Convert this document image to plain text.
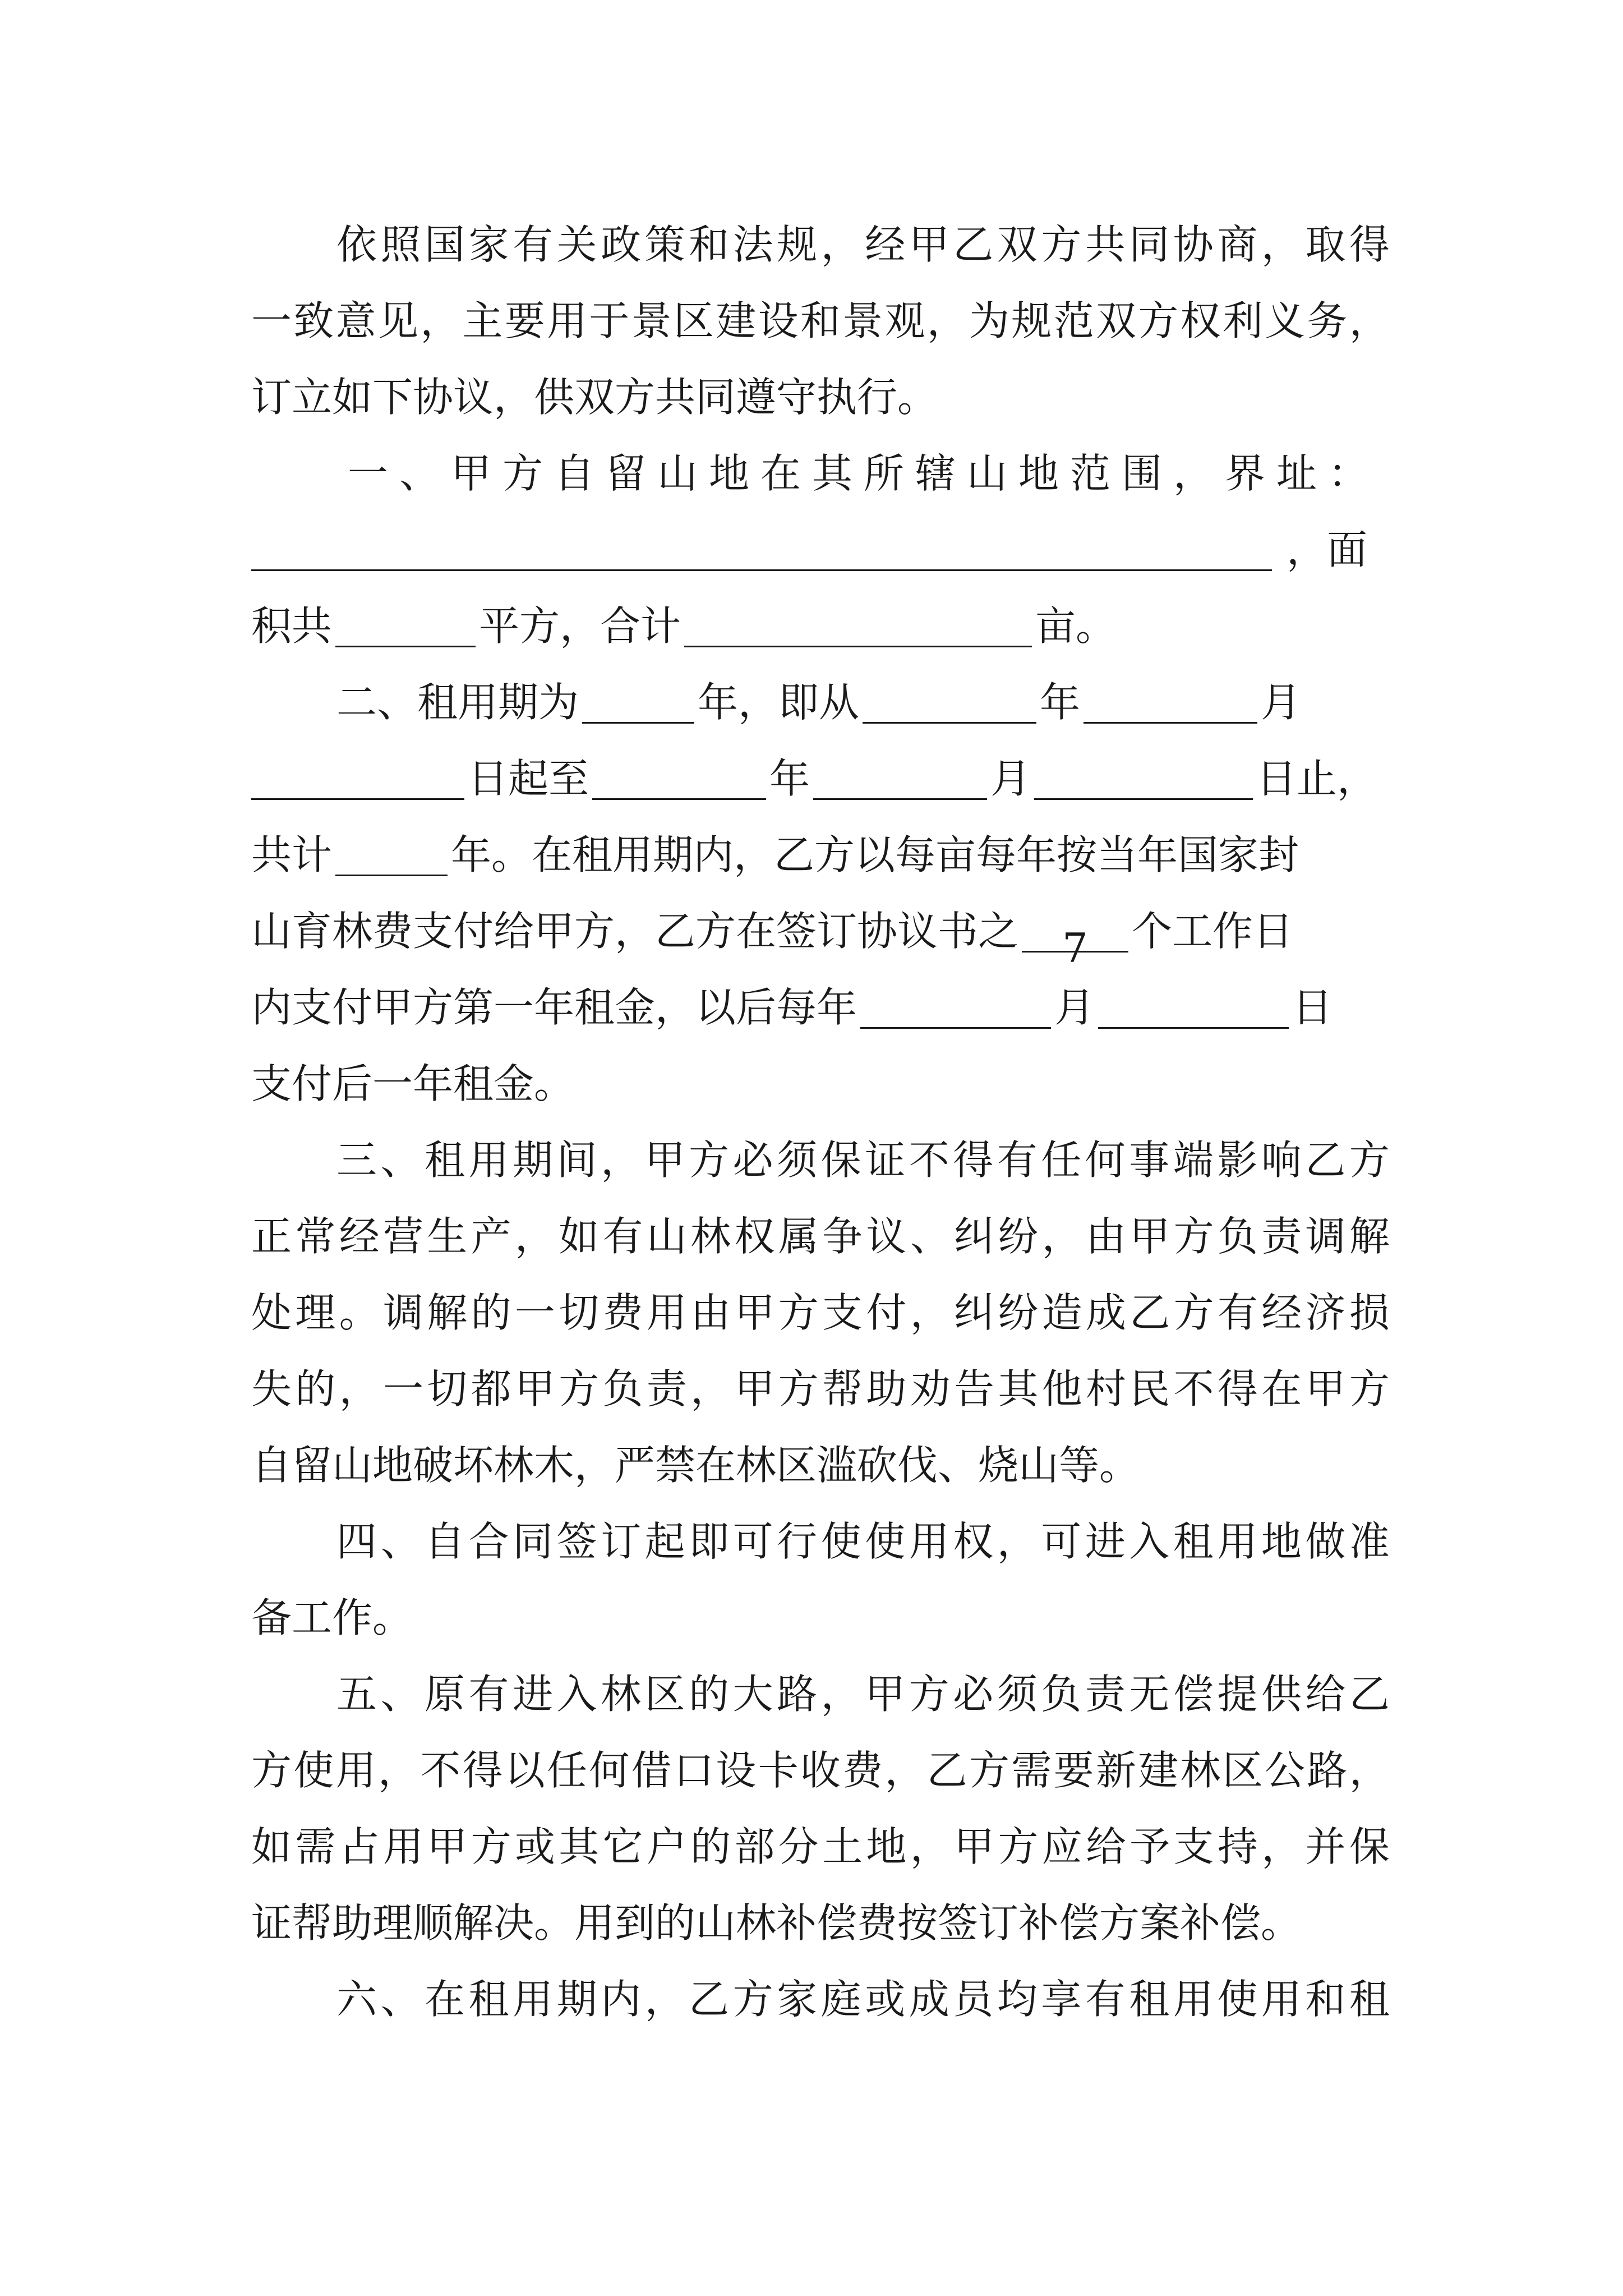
依 照 国 家 有 关 政 策 和 法 规 ， 经 甲 乙 双 方 共 同 协 商 ， 取 得
一 致 意 见 ， 主 要 用 于 景 区 建 设 和 景 观 ， 为 规 范 双 方 权 利 义 务 ，
订立如下协议，供双方共同遵守执行。
一、甲方自留山地在其所辖山地范围，界址：
，面
积共	平方，合计	亩。
二、租用期为	年，即从	年	月
日起至	年	月	日止，
共计	年。在租用期内，乙方以每亩每年按当年国家封
山育林费支付给甲方，乙方在签订协议书之	7	个工作日
内支付甲方第一年租金，以后每年	月	日
支付后一年租金。
三 、 租 用 期 间 ， 甲 方 必 须 保 证 不 得 有 任 何 事 端 影 响 乙 方
正 常 经 营 生 产 ， 如 有 山 林 权 属 争 议 、 纠 纷 ， 由 甲 方 负 责 调 解
处 理 。 调 解 的 一 切 费 用 由 甲 方 支 付 ， 纠 纷 造 成 乙 方 有 经 济 损
失 的 ， 一 切 都 甲 方 负 责 ， 甲 方 帮 助 劝 告 其 他 村 民 不 得 在 甲 方
自留山地破坏林木，严禁在林区滥砍伐、烧山等。
四 、 自 合 同 签 订 起 即 可 行 使 使 用 权 ， 可 进 入 租 用 地 做 准
备工作。
五 、 原 有 进 入 林 区 的 大 路 ， 甲 方 必 须 负 责 无 偿 提 供 给 乙
方 使 用 ， 不 得 以 任 何 借 口 设 卡 收 费 ， 乙 方 需 要 新 建 林 区 公 路 ，
如 需 占 用 甲 方 或 其 它 户 的 部 分 土 地 ， 甲 方 应 给 予 支 持 ， 并 保
证帮助理顺解决。用到的山林补偿费按签订补偿方案补偿。
六 、 在 租 用 期 内 ， 乙 方 家 庭 或 成 员 均 享 有 租 用 使 用 和 租
